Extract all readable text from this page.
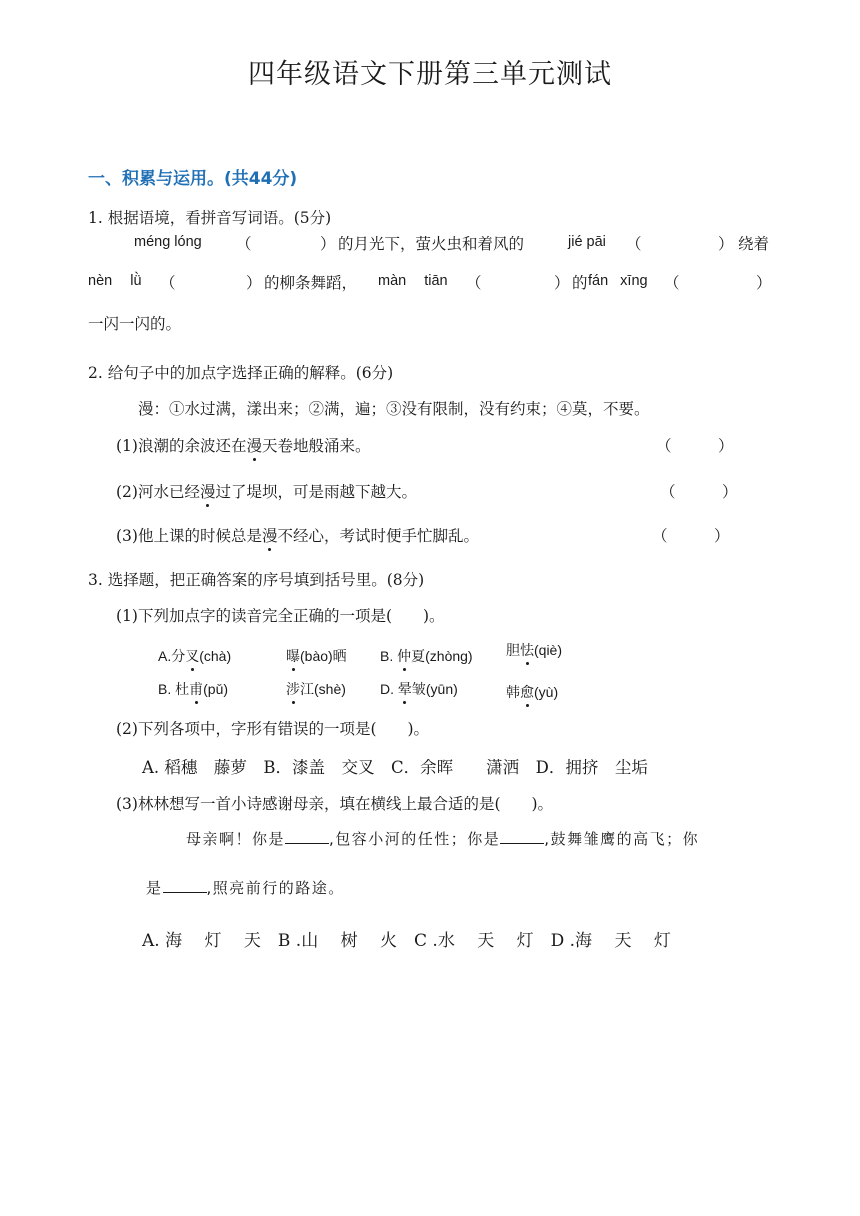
四年级语文下册第三单元测试
一、积累与运用。(共44分)
1. 根据语境，看拼音写词语。(5分)
méng lóng （	） 的月光下，萤火虫和着风的	jié pāi （	） 绕着
nèn lǜ （	） 的柳条舞蹈， màn tiān （	） 的 fán xīng （	）
一闪一闪的。
2. 给句子中的加点字选择正确的解释。(6分)
漫：①水过满，漾出来；②满，遍；③没有限制，没有约束；④莫，不要。
(1)浪潮的余波还在漫天卷地般涌来。	（　　　）
(2)河水已经漫过了堤坝，可是雨越下越大。	（　　　）
(3)他上课的时候总是漫不经心，考试时便手忙脚乱。	（　　　）
3. 选择题，把正确答案的序号填到括号里。(8分)
(1)下列加点字的读音完全正确的一项是(　　)。
A.分叉(chà)	曝(bào)晒 B. 仲夏(zhòng) 胆怯(qiè)
B. 杜甫(pǔ)	涉江(shè) D. 晕皱(yūn)	韩愈(yù)
(2)下列各项中，字形有错误的一项是(　　)。
A. 稻穗　藤萝　B．漆盖　交叉　C．余晖　　潇洒　D．拥挤　尘垢
(3)林林想写一首小诗感谢母亲，填在横线上最合适的是(　　)。
母亲啊！你是	,包容小河的任性；你是	,鼓舞雏鹰的高飞；你
是	,照亮前行的路途。
A. 海　 灯　 天　B .山　 树　 火　C .水　 天　 灯　D .海　 天　 灯
